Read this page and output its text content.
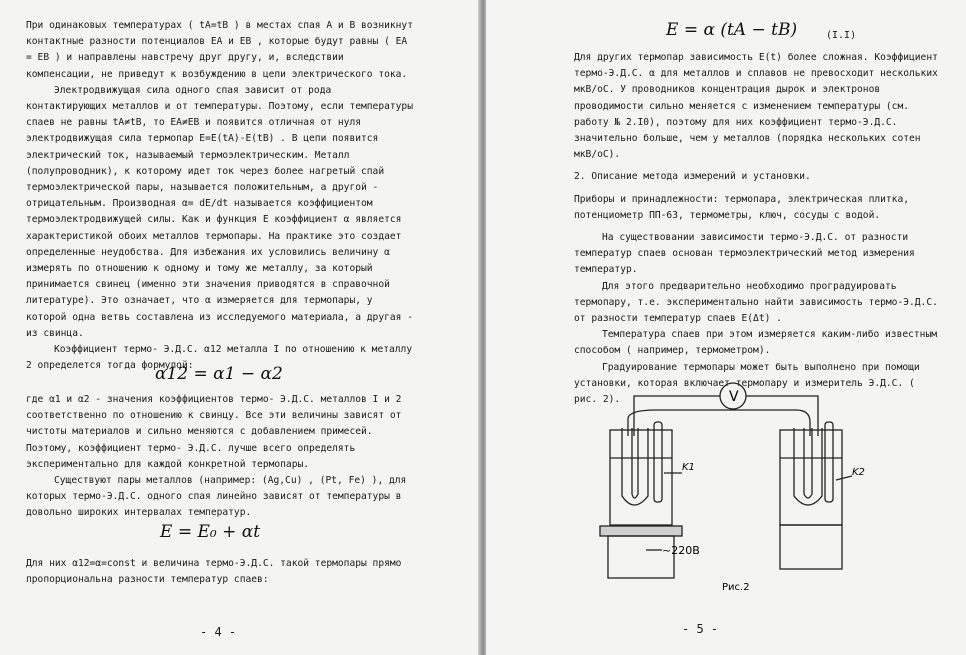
При одинаковых температурах ( tA=tB ) в местах спая A и B возникнут контактные разности потенциалов EA и EB , которые будут равны ( EA = EB ) и направлены навстречу друг другу, и, вследствии компенсации, не приведут к возбуждению в цепи электрического тока.

Электродвижущая сила одного спая зависит от рода контактирующих металлов и от температуры. Поэтому, если температуры спаев не равны tA≠tB, то EA≠EB и появится отличная от нуля электродвижущая сила термопар E=E(tA)-E(tB) . В цепи появится электрический ток, называемый термоэлектрическим. Металл (полупроводник), к которому идет ток через более нагретый спай термоэлектрической пары, называется положительным, а другой - отрицательным. Производная α= dE/dt называется коэффициентом термоэлектродвижущей силы. Как и функция E коэффициент α является характеристикой обоих металлов термопары. На практике это создает определенные неудобства. Для избежания их условились величину α измерять по отношению к одному и тому же металлу, за который принимается свинец (именно эти значения приводятся в справочной литературе). Это означает, что α измеряется для термопары, у которой одна ветвь составлена из исследуемого материала, а другая - из свинца.

Коэффициент термо- Э.Д.С. α12 металла I по отношению к металлу 2 определется тогда формулой:

α12 = α1 − α2

где α1 и α2 - значения коэффициентов термо- Э.Д.С. металлов I и 2 соответственно по отношению к свинцу. Все эти величины зависят от чистоты материалов и сильно меняются с добавлением примесей. Поэтому, коэффициент термо- Э.Д.С. лучше всего определять экспериментально для каждой конкретной термопары.

Существуют пары металлов (например: (Ag,Cu) , (Pt, Fe) ), для которых термо-Э.Д.С. одного спая линейно зависят от температуры в довольно широких интервалах температур.

E = E₀ + αt

Для них α12=α=const и величина термо-Э.Д.С. такой термопары прямо пропорциональна разности температур спаев:

- 4 -
E = α (tA − tB)	(I.I)

Для других термопар зависимость E(t) более сложная. Коэффициент термо-Э.Д.С. α для металлов и сплавов не превосходит нескольких мкВ/оС. У проводников концентрация дырок и электронов проводимости сильно меняется с изменением температуры (см. работу № 2.I0), поэтому для них коэффициент термо-Э.Д.С. значительно больше, чем у металлов (порядка нескольких сотен мкВ/оС).

2. Описание метода измерений и установки.

Приборы и принадлежности: термопара, электрическая плитка, потенциометр ПП-63, термометры, ключ, сосуды с водой.

На существовании зависимости термо-Э.Д.С. от разности температур спаев основан термоэлектрический метод измерения температур.

Для этого предварительно необходимо проградуировать термопару, т.е. экспериментально найти зависимость термо-Э.Д.С. от разности температур спаев E(Δt) .

Температура спаев при этом измеряется каким-либо известным способом ( например, термометром).

Градуирование термопары может быть выполнено при помощи установки, которая включает термопару и измеритель Э.Д.С. ( рис. 2).	V
K1	K2
~220B
Рис.2
- 5 -
